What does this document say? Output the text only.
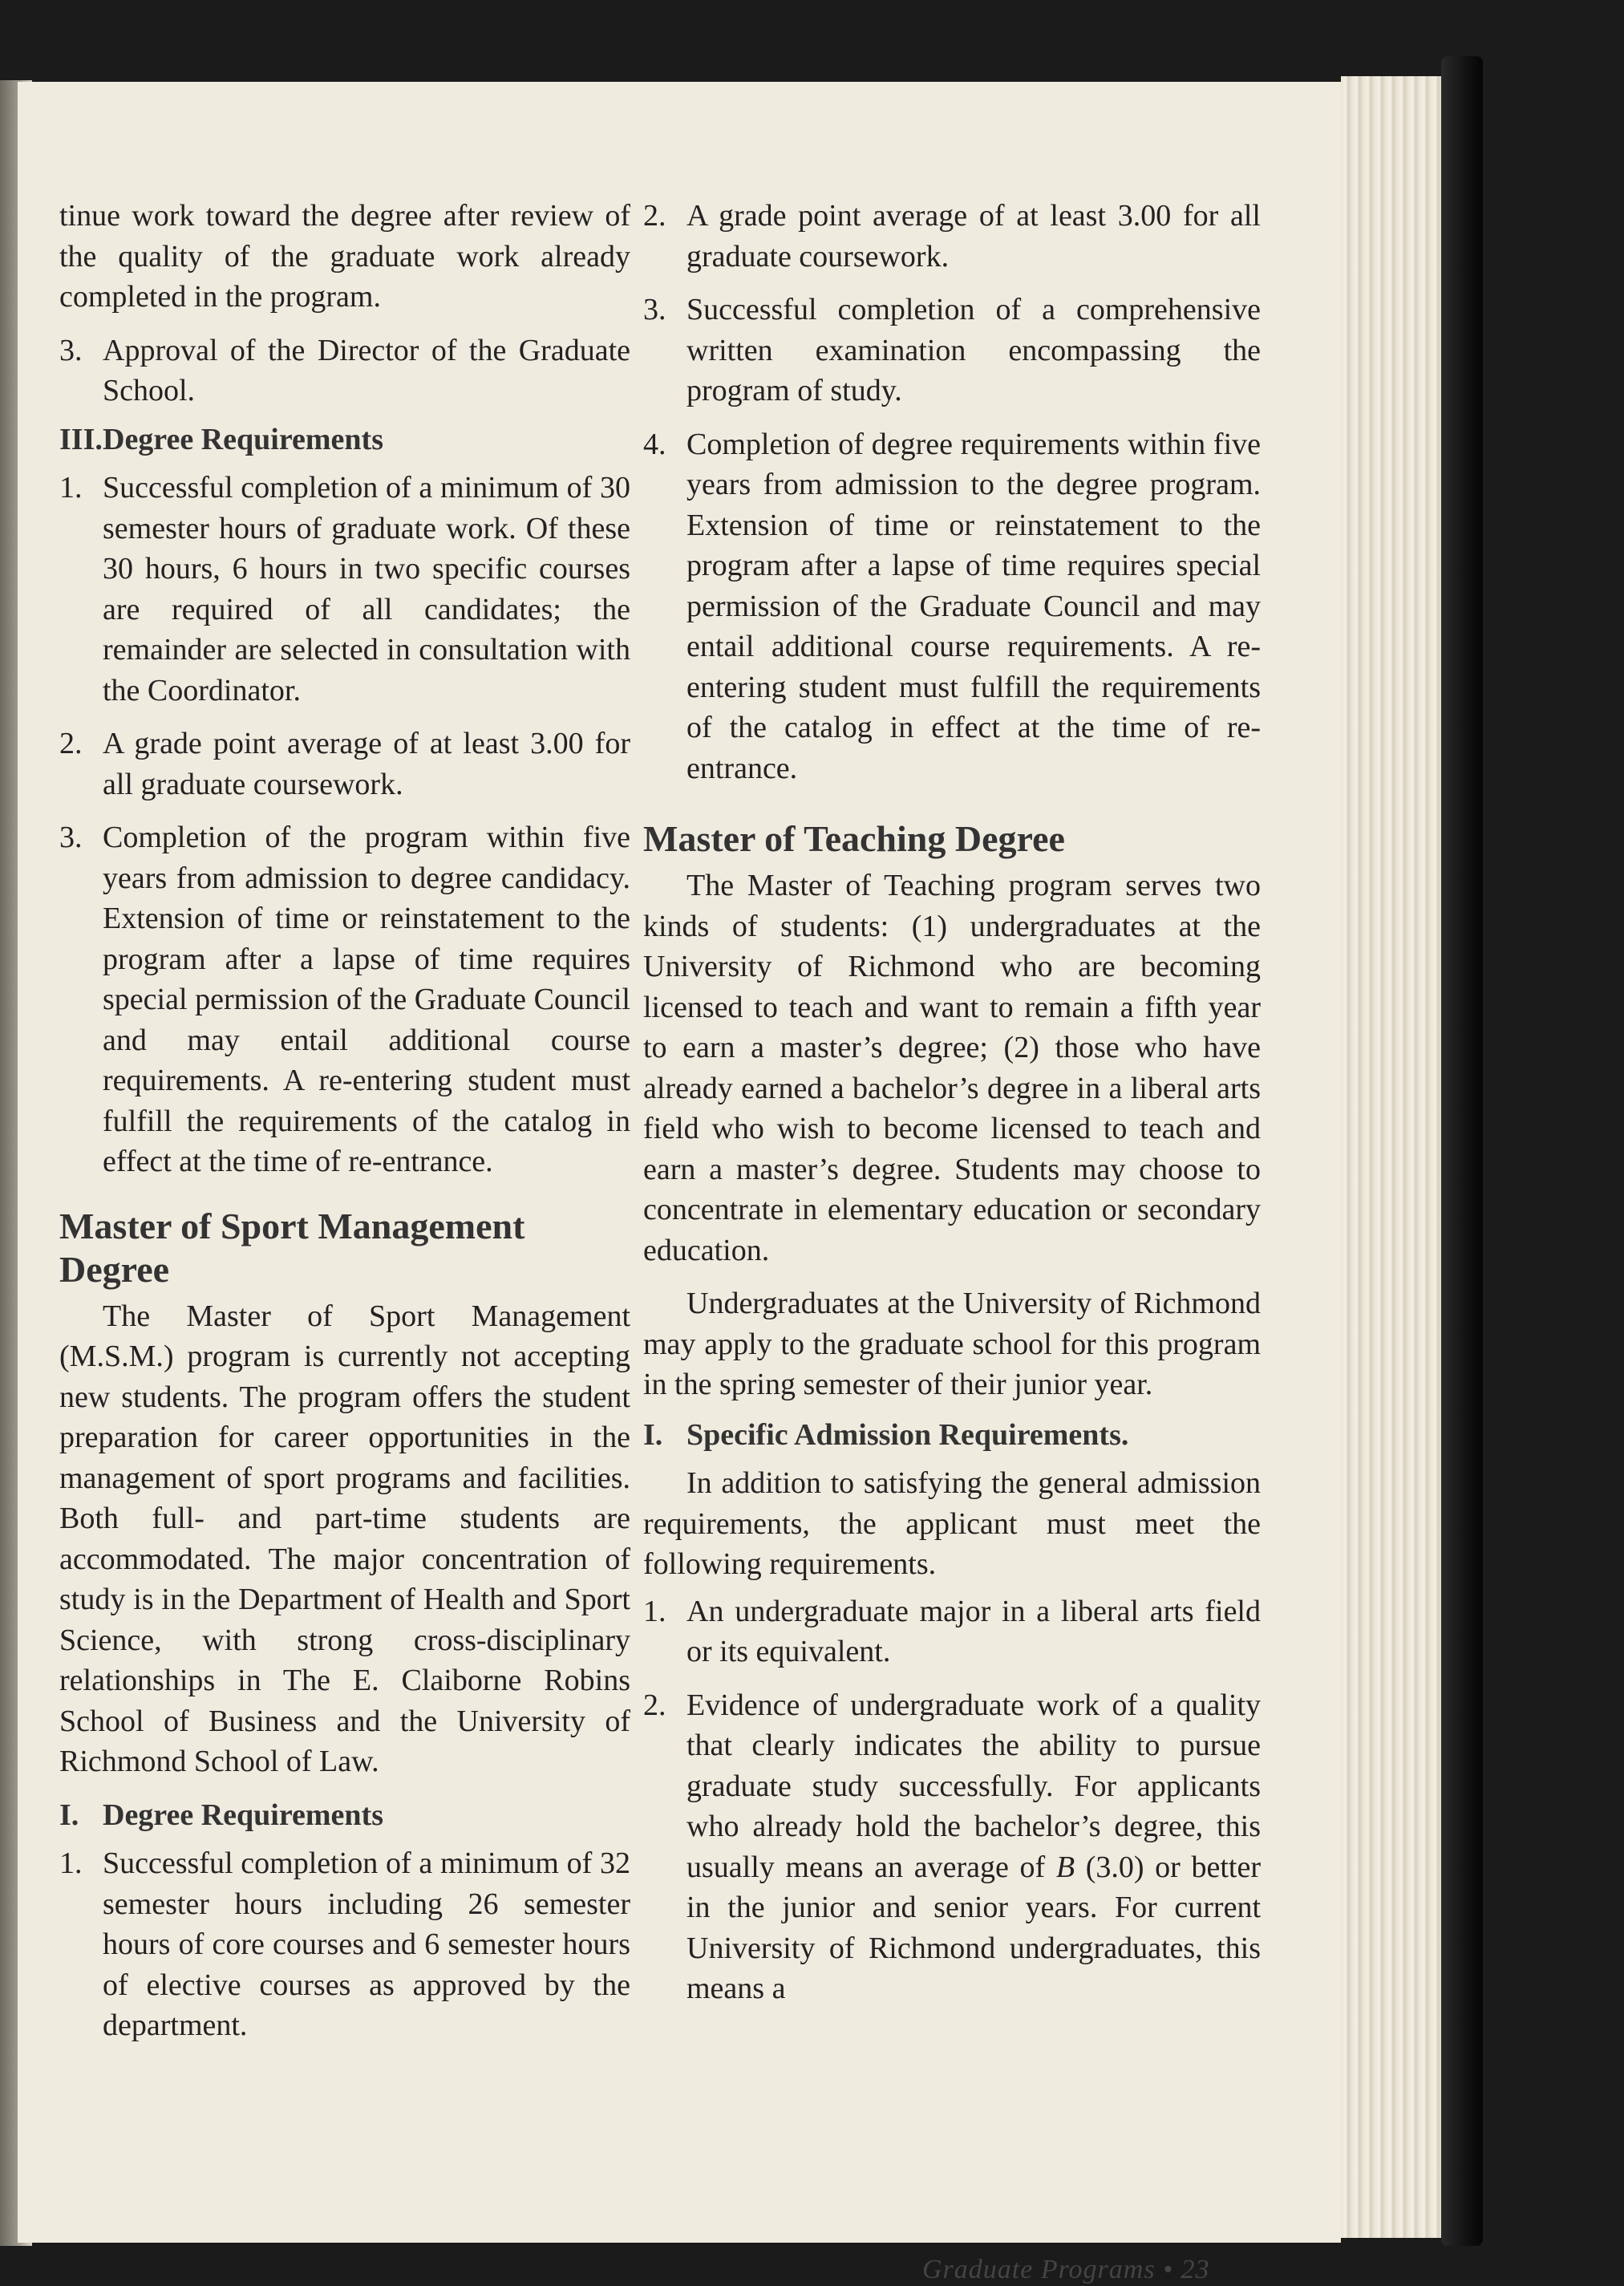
tinue work toward the degree after review of the quality of the graduate work already completed in the program.

3. Approval of the Director of the Graduate School.
III. Degree Requirements
1. Successful completion of a minimum of 30 semester hours of graduate work. Of these 30 hours, 6 hours in two specific courses are required of all candidates; the remainder are selected in consultation with the Coordinator.
2. A grade point average of at least 3.00 for all graduate coursework.
3. Completion of the program within five years from admission to degree candidacy. Extension of time or reinstatement to the program after a lapse of time requires special permission of the Graduate Council and may entail additional course requirements. A re-entering student must fulfill the requirements of the catalog in effect at the time of re-entrance.
Master of Sport Management Degree

The Master of Sport Management (M.S.M.) program is currently not accepting new students. The program offers the student preparation for career opportunities in the management of sport programs and facilities. Both full- and part-time students are accommodated. The major concentration of study is in the Department of Health and Sport Science, with strong cross-disciplinary relationships in The E. Claiborne Robins School of Business and the University of Richmond School of Law.

I. Degree Requirements
1. Successful completion of a minimum of 32 semester hours including 26 semester hours of core courses and 6 semester hours of elective courses as approved by the department.
2. A grade point average of at least 3.00 for all graduate coursework.
3. Successful completion of a comprehensive written examination encompassing the program of study.
4. Completion of degree requirements within five years from admission to the degree program. Extension of time or reinstatement to the program after a lapse of time requires special permission of the Graduate Council and may entail additional course requirements. A re-entering student must fulfill the requirements of the catalog in effect at the time of re-entrance.
Master of Teaching Degree

The Master of Teaching program serves two kinds of students: (1) undergraduates at the University of Richmond who are becoming licensed to teach and want to remain a fifth year to earn a master’s degree; (2) those who have already earned a bachelor’s degree in a liberal arts field who wish to become licensed to teach and earn a master’s degree. Students may choose to concentrate in elementary education or secondary education.

Undergraduates at the University of Richmond may apply to the graduate school for this program in the spring semester of their junior year.

I. Specific Admission Requirements.

In addition to satisfying the general admission requirements, the applicant must meet the following requirements.

1. An undergraduate major in a liberal arts field or its equivalent.
2. Evidence of undergraduate work of a quality that clearly indicates the ability to pursue graduate study successfully. For applicants who already hold the bachelor’s degree, this usually means an average of B (3.0) or better in the junior and senior years. For current University of Richmond undergraduates, this means a
Graduate Programs • 23
